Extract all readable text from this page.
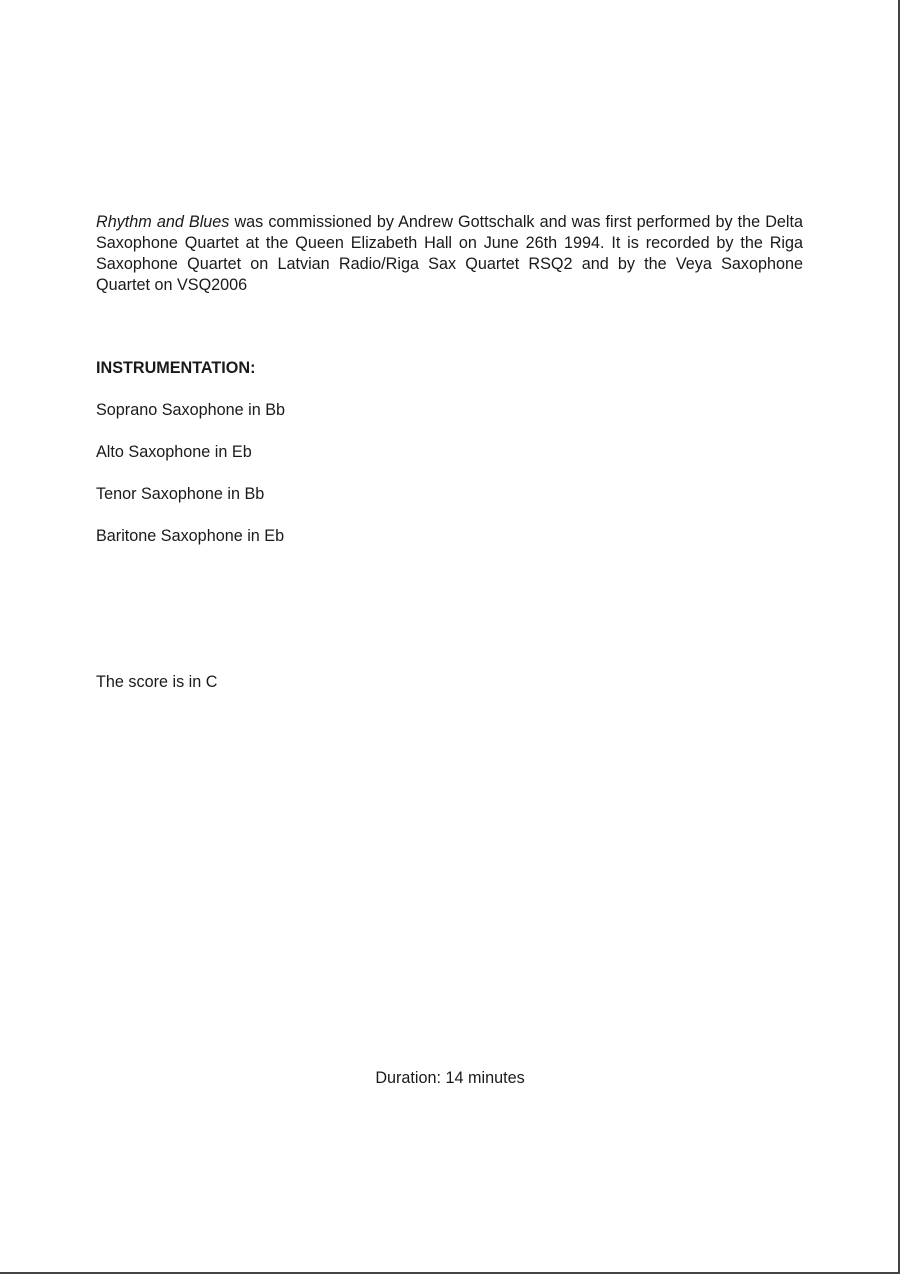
Rhythm and Blues was commissioned by Andrew Gottschalk and was first performed by the Delta Saxophone Quartet at the Queen Elizabeth Hall on June 26th 1994. It is recorded by the Riga Saxophone Quartet on Latvian Radio/Riga Sax Quartet RSQ2 and by the Veya Saxophone Quartet on VSQ2006

INSTRUMENTATION:

Soprano Saxophone in Bb

Alto Saxophone in Eb

Tenor Saxophone in Bb

Baritone Saxophone in Eb

The score is in C

Duration: 14 minutes
